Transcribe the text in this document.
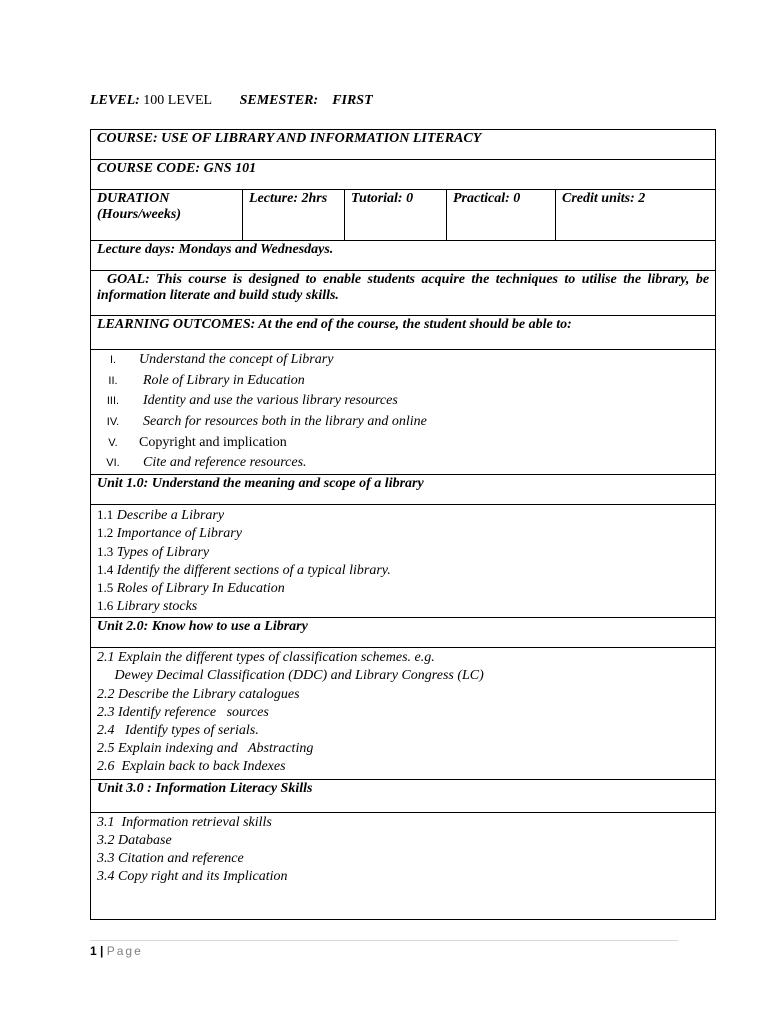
LEVEL: 100 LEVEL SEMESTER: FIRST
COURSE: USE OF LIBRARY AND INFORMATION LITERACY
COURSE CODE: GNS 101

DURATION
(Hours/weeks)
	Lecture: 2hrs	Tutorial: 0	Practical: 0	Credit units: 2
Lecture days: Mondays and Wednesdays.
GOAL: This course is designed to enable students acquire the techniques to utilise the library, be information literate and build study skills.
LEARNING OUTCOMES: At the end of the course, the student should be able to:

I.	Understand the concept of Library
II.	Role of Library in Education
III.	Identity and use the various library resources
IV.	Search for resources both in the library and online
V.	Copyright and implication
VI.	Cite and reference resources.

Unit 1.0: Understand the meaning and scope of a library

1.1 Describe a Library
1.2 Importance of Library
1.3 Types of Library
1.4 Identify the different sections of a typical library.
1.5 Roles of Library In Education
1.6 Library stocks

Unit 2.0: Know how to use a Library

2.1 Explain the different types of classification schemes. e.g.
Dewey Decimal Classification (DDC) and Library Congress (LC)
2.2 Describe the Library catalogues
2.3 Identify reference   sources
2.4   Identify types of serials.
2.5 Explain indexing and   Abstracting
2.6  Explain back to back Indexes

Unit 3.0 : Information Literacy Skills

3.1  Information retrieval skills
3.2 Database
3.3 Citation and reference
3.4 Copy right and its Implication
1 | Page
